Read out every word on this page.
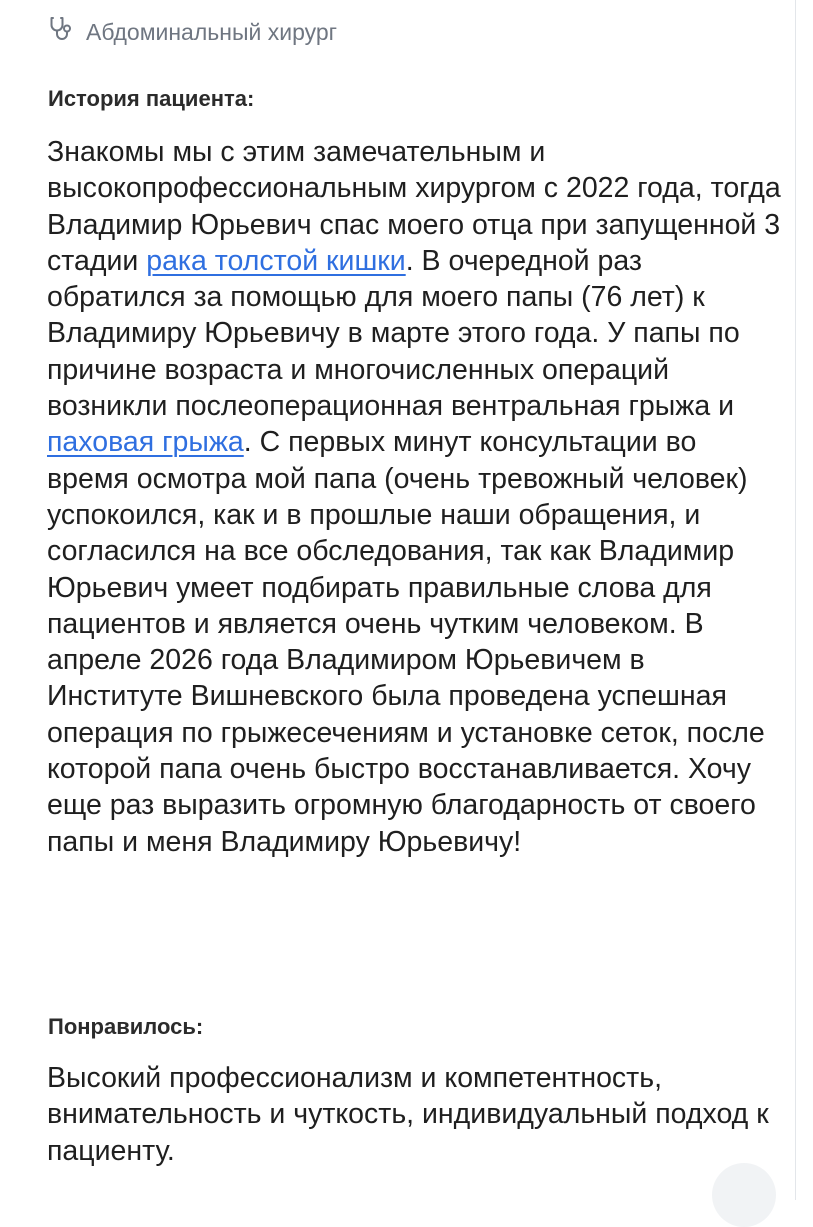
Абдоминальный хирург
История пациента:

Знакомы мы с этим замечательным и высокопрофессиональным хирургом с 2022 года, тогда Владимир Юрьевич спас моего отца при запущенной 3 стадии рака толстой кишки. В очередной раз обратился за помощью для моего папы (76 лет) к Владимиру Юрьевичу в марте этого года. У папы по причине возраста и многочисленных операций возникли послеоперационная вентральная грыжа и паховая грыжа. С первых минут консультации во время осмотра мой папа (очень тревожный человек) успокоился, как и в прошлые наши обращения, и согласился на все обследования, так как Владимир Юрьевич умеет подбирать правильные слова для пациентов и является очень чутким человеком. В апреле 2026 года Владимиром Юрьевичем в Институте Вишневского была проведена успешная операция по грыжесечениям и установке сеток, после которой папа очень быстро восстанавливается. Хочу еще раз выразить огромную благодарность от своего папы и меня Владимиру Юрьевичу!

Понравилось:

Высокий профессионализм и компетентность, внимательность и чуткость, индивидуальный подход к пациенту.
